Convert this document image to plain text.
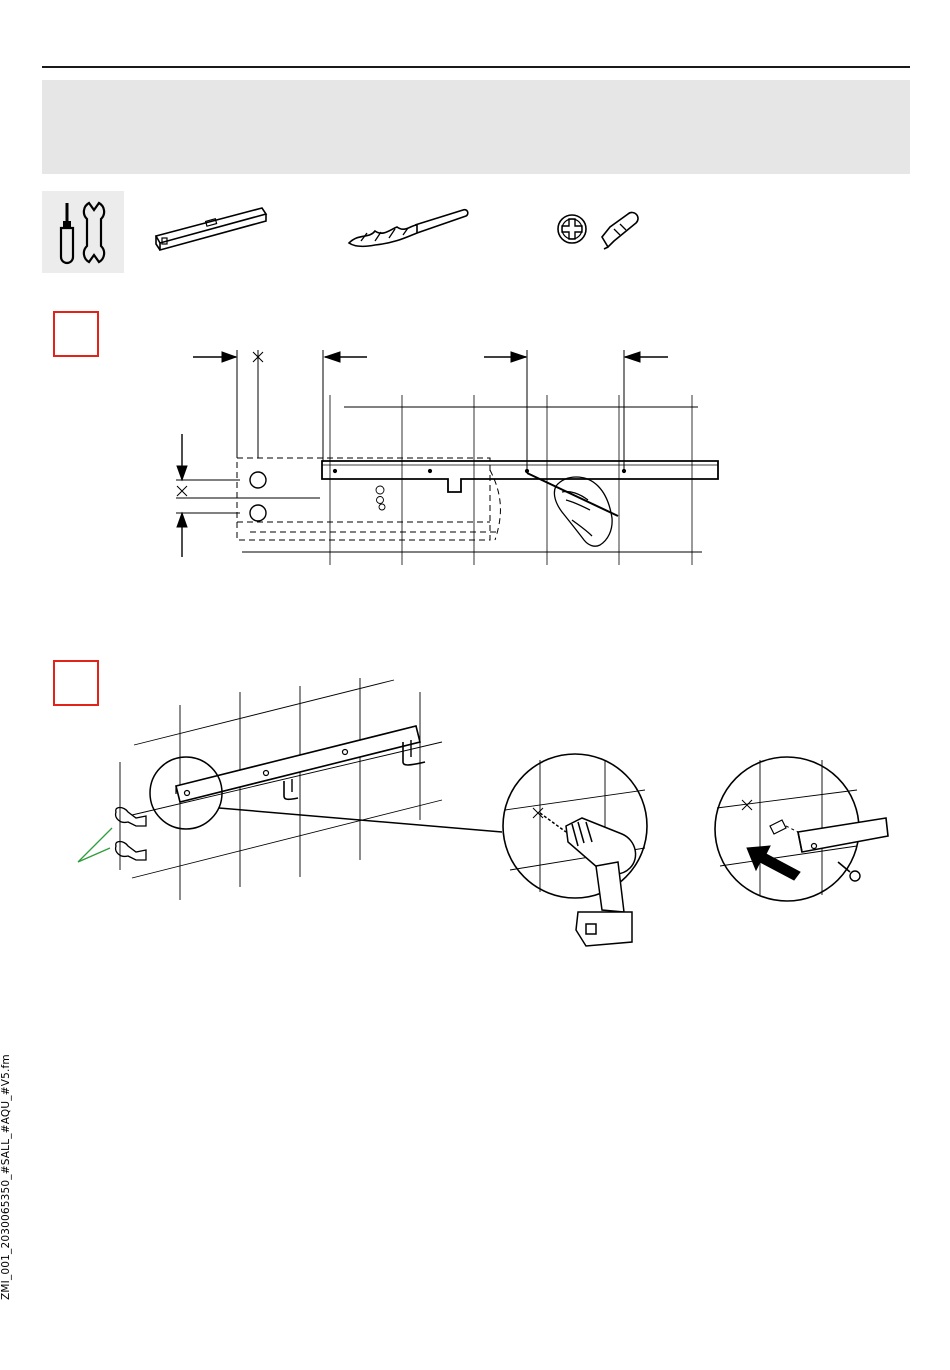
ZMI_001_2030065350_#SALL_#AQU_#V5.fm
